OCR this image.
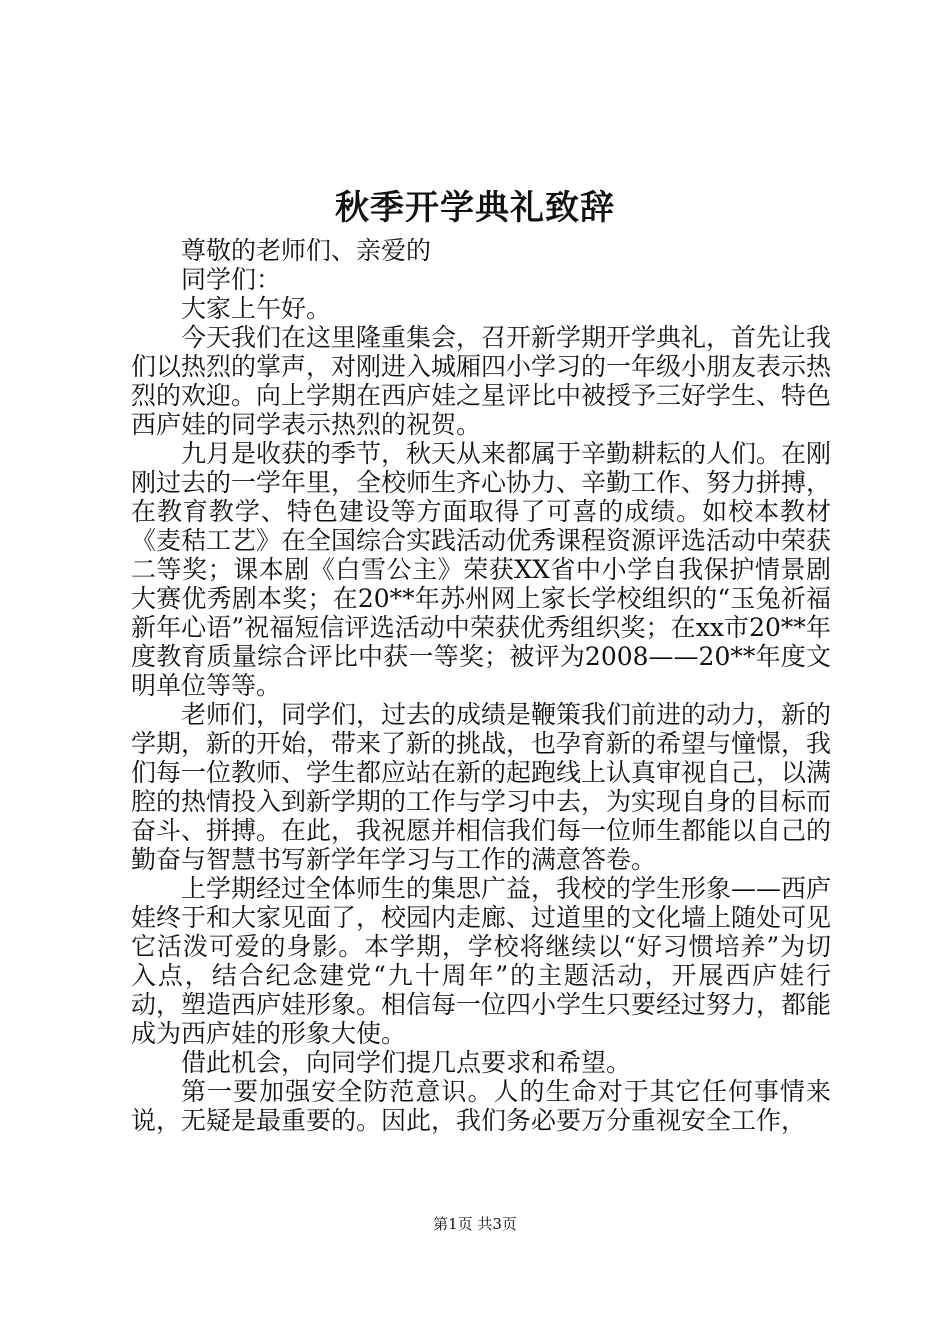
秋季开学典礼致辞

尊敬的老师们、亲爱的

同学们：

大家上午好。

今天我们在这里隆重集会，召开新学期开学典礼，首先让我们以热烈的掌声，对刚进入城厢四小学习的一年级小朋友表示热烈的欢迎。向上学期在西庐娃之星评比中被授予三好学生、特色西庐娃的同学表示热烈的祝贺。

九月是收获的季节，秋天从来都属于辛勤耕耘的人们。在刚刚过去的一学年里，全校师生齐心协力、辛勤工作、努力拼搏，在教育教学、特色建设等方面取得了可喜的成绩。如校本教材《麦秸工艺》在全国综合实践活动优秀课程资源评选活动中荣获二等奖；课本剧《白雪公主》荣获XX省中小学自我保护情景剧大赛优秀剧本奖；在20**年苏州网上家长学校组织的“玉兔祈福新年心语”祝福短信评选活动中荣获优秀组织奖；在xx市20**年度教育质量综合评比中获一等奖；被评为2008——20**年度文明单位等等。

老师们，同学们，过去的成绩是鞭策我们前进的动力，新的学期，新的开始，带来了新的挑战，也孕育新的希望与憧憬，我们每一位教师、学生都应站在新的起跑线上认真审视自己，以满腔的热情投入到新学期的工作与学习中去，为实现自身的目标而奋斗、拼搏。在此，我祝愿并相信我们每一位师生都能以自己的勤奋与智慧书写新学年学习与工作的满意答卷。

上学期经过全体师生的集思广益，我校的学生形象——西庐娃终于和大家见面了，校园内走廊、过道里的文化墙上随处可见它活泼可爱的身影。本学期，学校将继续以“好习惯培养”为切入点，结合纪念建党“九十周年”的主题活动，开展西庐娃行动，塑造西庐娃形象。相信每一位四小学生只要经过努力，都能成为西庐娃的形象大使。

借此机会，向同学们提几点要求和希望。

第一要加强安全防范意识。人的生命对于其它任何事情来说，无疑是最重要的。因此，我们务必要万分重视安全工作，

第1页 共3页
